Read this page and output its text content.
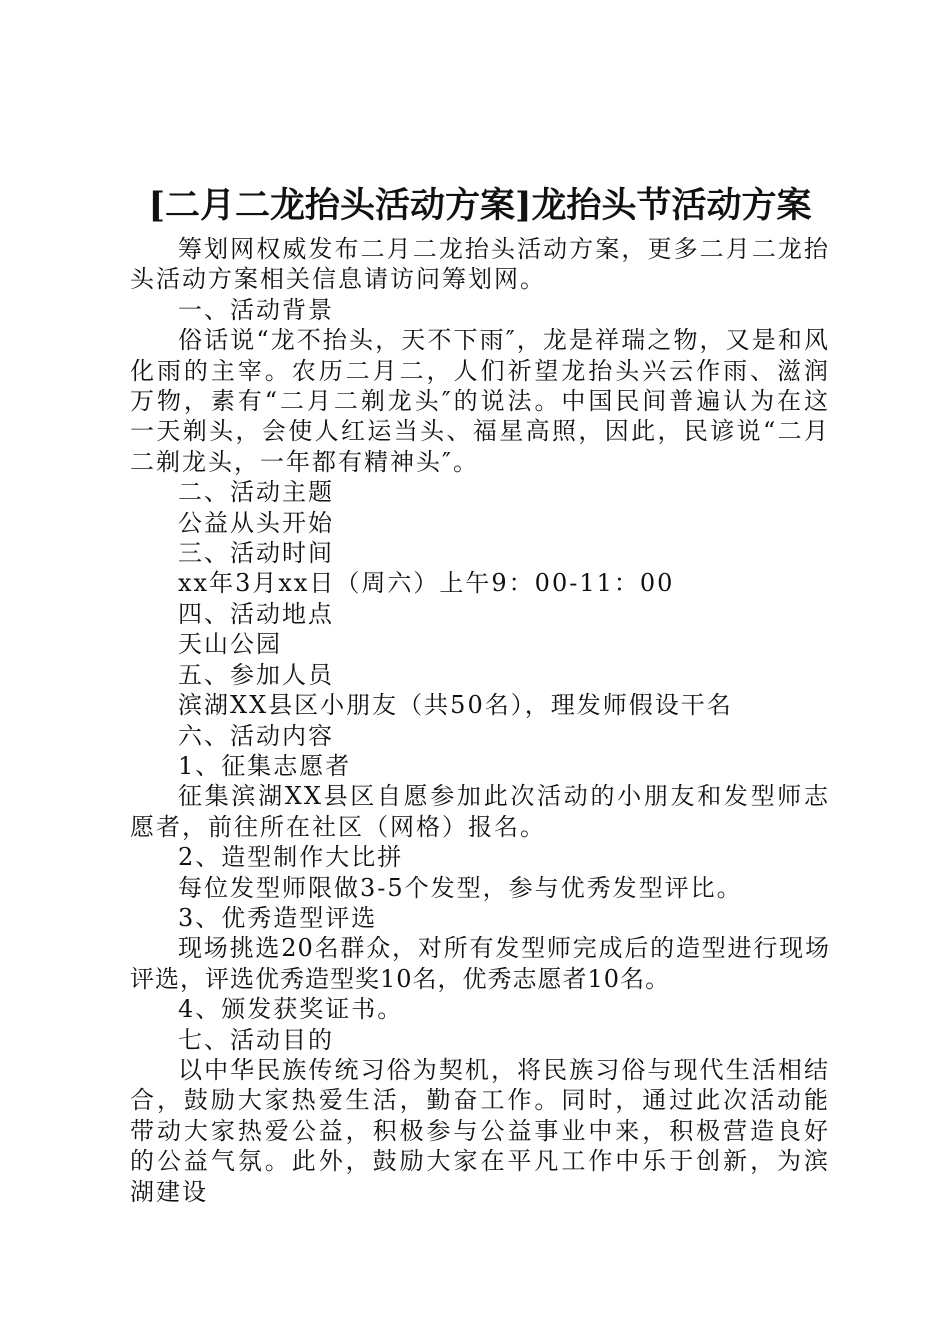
[二月二龙抬头活动方案]龙抬头节活动方案

筹划网权威发布二月二龙抬头活动方案，更多二月二龙抬头活动方案相关信息请访问筹划网。

一、活动背景

俗话说“龙不抬头，天不下雨″，龙是祥瑞之物，又是和风化雨的主宰。农历二月二，人们祈望龙抬头兴云作雨、滋润万物，素有“二月二剃龙头″的说法。中国民间普遍认为在这一天剃头，会使人红运当头、福星高照，因此，民谚说“二月二剃龙头，一年都有精神头″。

二、活动主题

公益从头开始

三、活动时间

xx年3月xx日（周六）上午9：00-11：00

四、活动地点

天山公园

五、参加人员

滨湖XX县区小朋友（共50名），理发师假设干名

六、活动内容

1、征集志愿者

征集滨湖XX县区自愿参加此次活动的小朋友和发型师志愿者，前往所在社区（网格）报名。

2、造型制作大比拼

每位发型师限做3-5个发型，参与优秀发型评比。

3、优秀造型评选

现场挑选20名群众，对所有发型师完成后的造型进行现场评选，评选优秀造型奖10名，优秀志愿者10名。

4、颁发获奖证书。

七、活动目的

以中华民族传统习俗为契机，将民族习俗与现代生活相结合，鼓励大家热爱生活，勤奋工作。同时，通过此次活动能带动大家热爱公益，积极参与公益事业中来，积极营造良好的公益气氛。此外，鼓励大家在平凡工作中乐于创新，为滨湖建设
